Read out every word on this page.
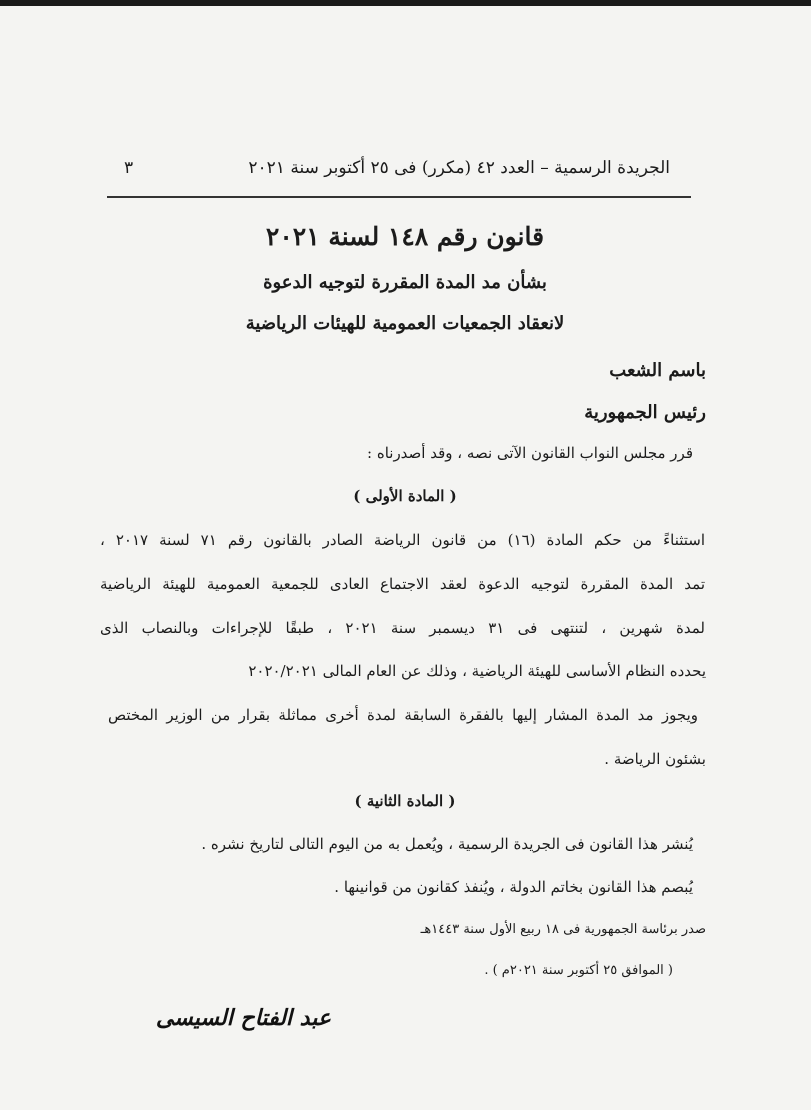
الجريدة الرسمية – العدد ٤٢ (مكرر) فى ٢٥ أكتوبر سنة ٢٠٢١
٣
قانون رقم ١٤٨ لسنة ٢٠٢١
بشأن مد المدة المقررة لتوجيه الدعوة
لانعقاد الجمعيات العمومية للهيئات الرياضية
باسم الشعب
رئيس الجمهورية
قرر مجلس النواب القانون الآتى نصه ، وقد أصدرناه :
( المادة الأولى )
استثناءً من حكم المادة (١٦) من قانون الرياضة الصادر بالقانون رقم ٧١ لسنة ٢٠١٧ ،
تمد المدة المقررة لتوجيه الدعوة لعقد الاجتماع العادى للجمعية العمومية للهيئة الرياضية
لمدة شهرين ، لتنتهى فى ٣١ ديسمبر سنة ٢٠٢١ ، طبقًا للإجراءات وبالنصاب الذى
يحدده النظام الأساسى للهيئة الرياضية ، وذلك عن العام المالى ٢٠٢٠/٢٠٢١
ويجوز مد المدة المشار إليها بالفقرة السابقة لمدة أخرى مماثلة بقرار من الوزير المختص
بشئون الرياضة .
( المادة الثانية )
يُنشر هذا القانون فى الجريدة الرسمية ، ويُعمل به من اليوم التالى لتاريخ نشره .
يُبصم هذا القانون بخاتم الدولة ، ويُنفذ كقانون من قوانينها .
صدر برئاسة الجمهورية فى ١٨ ربيع الأول سنة ١٤٤٣هـ
( الموافق ٢٥ أكتوبر سنة ٢٠٢١م ) .
عبد الفتاح السيسى
